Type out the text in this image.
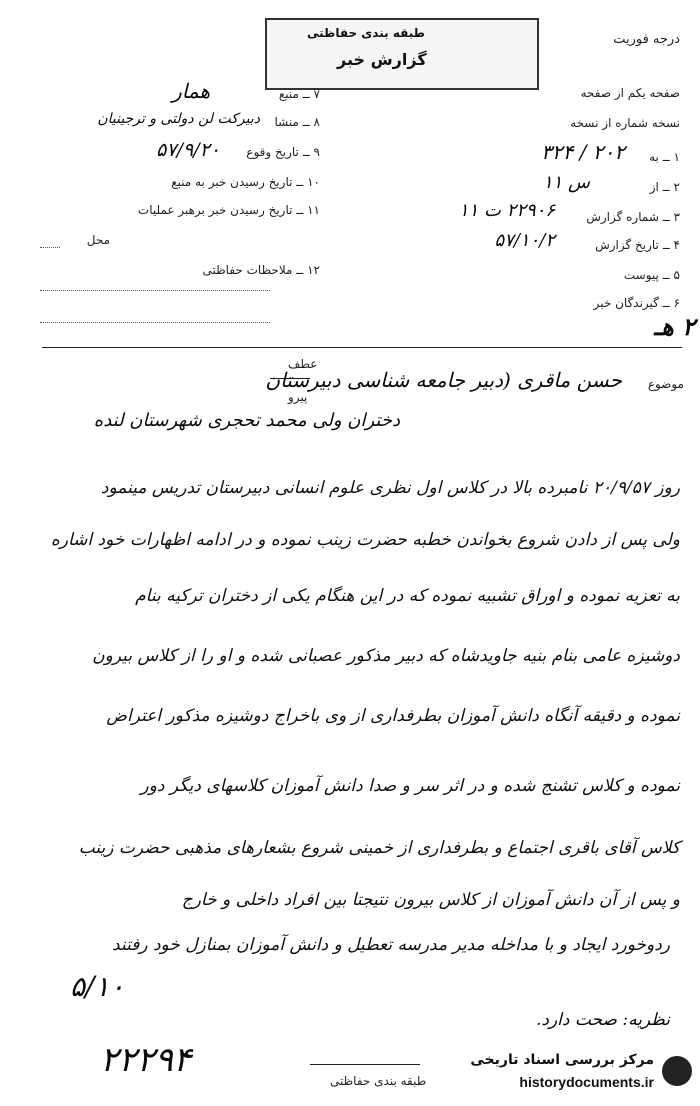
درجه فوریت
طبقه بندی حفاظتی
گزارش خبر
صفحه یکم از صفحه
نسخه شماره از نسخه
۷ ــ منبع
همار
۸ ــ منشا
دبیرکت لن دولتی و ترجینیان
۹ ــ تاریخ وقوع
۵۷/۹/۲۰
۱۰ ــ تاریخ رسیدن خبر به منبع
۱۱ ــ تاریخ رسیدن خبر برهبر عملیات
محل
۱۲ ــ ملاحظات حفاظتی
۱ ــ به
۳۲۴ / ۲۰۲
۲ ــ از
س ۱۱
۳ ــ شماره گزارش
۲۲۹۰۶ ت ۱۱
۴ ــ تاریخ گزارش
۵۷/۱۰/۲
۵ ــ پیوست
۶ ــ گیرندگان خبر
۲ هـ
موضوع
عطف
پیرو
حسن ماقری (دبیر جامعه شناسی دبیرستان
دختران ولی محمد تحجری شهرستان لنده
روز ۲۰/۹/۵۷ نامبرده بالا در کلاس اول نظری علوم انسانی دبیرستان تدریس مینمود
ولی پس از دادن شروع بخواندن خطبه حضرت زینب نموده و در ادامه اظهارات خود اشاره
به تعزیه نموده و اوراق تشبیه نموده که در این هنگام یکی از دختران ترکیه بنام
دوشیزه عامی بنام بنیه جاویدشاه که دبیر مذکور عصبانی شده و او را از کلاس بیرون
نموده و دقیقه آنگاه دانش آموزان بطرفداری از وی باخراج دوشیزه مذکور اعتراض
نموده و کلاس تشنج شده و در اثر سر و صدا دانش آموزان کلاسهای دیگر دور
کلاس آقای باقری اجتماع و بطرفداری از خمینی شروع بشعارهای مذهبی حضرت زینب
و پس از آن دانش آموزان از کلاس بیرون نتیجتا بین افراد داخلی و خارج
ردوخورد ایجاد و با مداخله مدیر مدرسه تعطیل و دانش آموزان بمنازل خود رفتند
نظریه: صحت دارد.
۵/۱۰
۲۲۲۹۴
طبقه بندی حفاظتی
مرکز بررسی اسناد تاریخی
historydocuments.ir
